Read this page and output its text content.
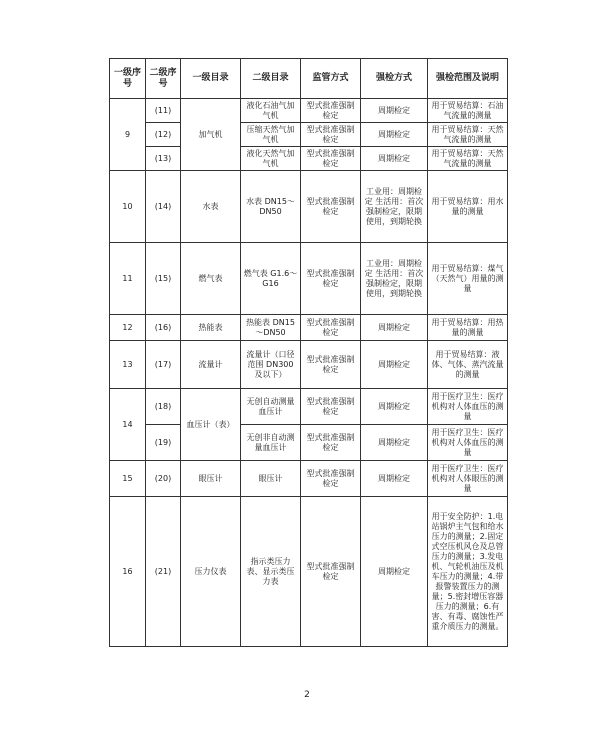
一级序号	二级序号	一级目录	二级目录	监管方式	强检方式	强检范围及说明
9	(11)	加气机	液化石油气加气机	型式批准强制检定	周期检定	用于贸易结算：石油气流量的测量
	(12)		压缩天然气加气机	型式批准强制检定	周期检定	用于贸易结算：天然气流量的测量
	(13)		液化天然气加气机	型式批准强制检定	周期检定	用于贸易结算：天然气流量的测量
10	(14)	水表	水表 DN15～DN50	型式批准强制检定	工业用：周期检定 生活用：首次强制检定，限期使用，到期轮换	用于贸易结算：用水量的测量
11	(15)	燃气表	燃气表 G1.6～G16	型式批准强制检定	工业用：周期检定 生活用：首次强制检定，限期使用，到期轮换	用于贸易结算：煤气（天然气）用量的测量
12	(16)	热能表	热能表 DN15～DN50	型式批准强制检定	周期检定	用于贸易结算：用热量的测量
13	(17)	流量计	流量计（口径范围 DN300 及以下）	型式批准强制检定	周期检定	用于贸易结算：液体、气体、蒸汽流量的测量
14	(18)	血压计（表）	无创自动测量血压计	型式批准强制检定	周期检定	用于医疗卫生：医疗机构对人体血压的测量
	(19)		无创非自动测量血压计	型式批准强制检定	周期检定	用于医疗卫生：医疗机构对人体血压的测量
15	(20)	眼压计	眼压计	型式批准强制检定	周期检定	用于医疗卫生：医疗机构对人体眼压的测量
16	(21)	压力仪表	指示类压力表、显示类压力表	型式批准强制检定	周期检定	用于安全防护：1.电站锅炉主气包和给水压力的测量；2.固定式空压机风仓及总管压力的测量；3.发电机、气轮机油压及机车压力的测量；4.带报警装置压力的测量；5.密封增压容器压力的测量；6.有害、有毒、腐蚀性严重介质压力的测量。
2
